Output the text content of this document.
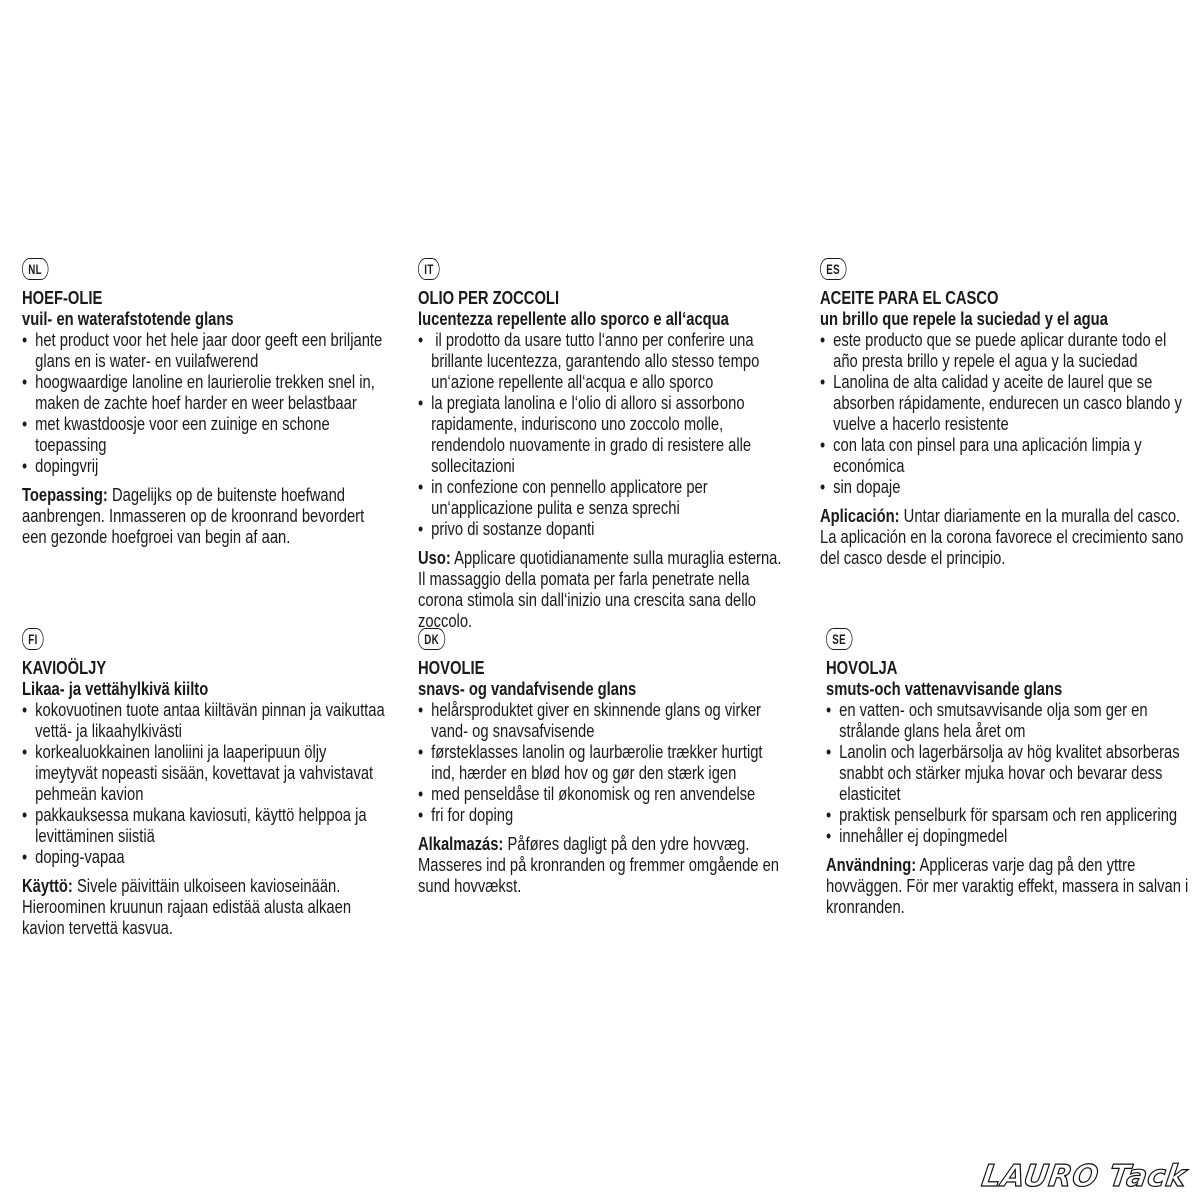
NL
HOEF-OLIE
vuil- en waterafstotende glans
• het product voor het hele jaar door geeft een briljante glans en is water- en vuilafwerend
• hoogwaardige lanoline en laurierolie trekken snel in, maken de zachte hoef harder en weer belastbaar
• met kwastdoosje voor een zuinige en schone toepassing
• dopingvrij
Toepassing: Dagelijks op de buitenste hoefwand aanbrengen. Inmasseren op de kroonrand bevordert een gezonde hoefgroei van begin af aan.
IT
OLIO PER ZOCCOLI
lucentezza repellente allo sporco e all‘acqua
• il prodotto da usare tutto l‘anno per conferire una brillante lucentezza, garantendo allo stesso tempo un‘azione repellente all‘acqua e allo sporco
• la pregiata lanolina e l‘olio di alloro si assorbono rapidamente, induriscono uno zoccolo molle, rendendolo nuovamente in grado di resistere alle sollecitazioni
• in confezione con pennello applicatore per un‘applicazione pulita e senza sprechi
• privo di sostanze dopanti
Uso: Applicare quotidianamente sulla muraglia esterna. Il massaggio della pomata per farla penetrate nella corona stimola sin dall‘inizio una crescita sana dello zoccolo.
ES
ACEITE PARA EL CASCO
un brillo que repele la suciedad y el agua
• este producto que se puede aplicar durante todo el año presta brillo y repele el agua y la suciedad
• Lanolina de alta calidad y aceite de laurel que se absorben rápidamente, endurecen un casco blando y vuelve a hacerlo resistente
• con lata con pinsel para una aplicación limpia y económica
• sin dopaje
Aplicación: Untar diariamente en la muralla del casco. La aplicación en la corona favorece el crecimiento sano del casco desde el principio.
FI
KAVIOÖLJY
Likaa- ja vettähylkivä kiilto
• kokovuotinen tuote antaa kiiltävän pinnan ja vaikuttaa vettä- ja likaahylkivästi
• korkealuokkainen lanoliini ja laaperipuun öljy imeytyvät nopeasti sisään, kovettavat ja vahvistavat pehmeän kavion
• pakkauksessa mukana kaviosuti, käyttö helppoa ja levittäminen siistiä
• doping-vapaa
Käyttö: Sivele päivittäin ulkoiseen kavioseinään. Hieroominen kruunun rajaan edistää alusta alkaen kavion tervettä kasvua.
DK
HOVOLIE
snavs- og vandafvisende glans
• helårsproduktet giver en skinnende glans og virker vand- og snavsafvisende
• førsteklasses lanolin og laurbærolie trækker hurtigt ind, hærder en blød hov og gør den stærk igen
• med penseldåse til økonomisk og ren anvendelse
• fri for doping
Alkalmazás: Påføres dagligt på den ydre hovvæg. Masseres ind på kronranden og fremmer omgående en sund hovvækst.
SE
HOVOLJA
smuts-och vattenavvisande glans
• en vatten- och smutsavvisande olja som ger en strålande glans hela året om
• Lanolin och lagerbärsolja av hög kvalitet absorberas snabbt och stärker mjuka hovar och bevarar dess elasticitet
• praktisk penselburk för sparsam och ren applicering
• innehåller ej dopingmedel
Användning: Appliceras varje dag på den yttre hovväggen. För mer varaktig effekt, massera in salvan i kronranden.
LAURO Tack
